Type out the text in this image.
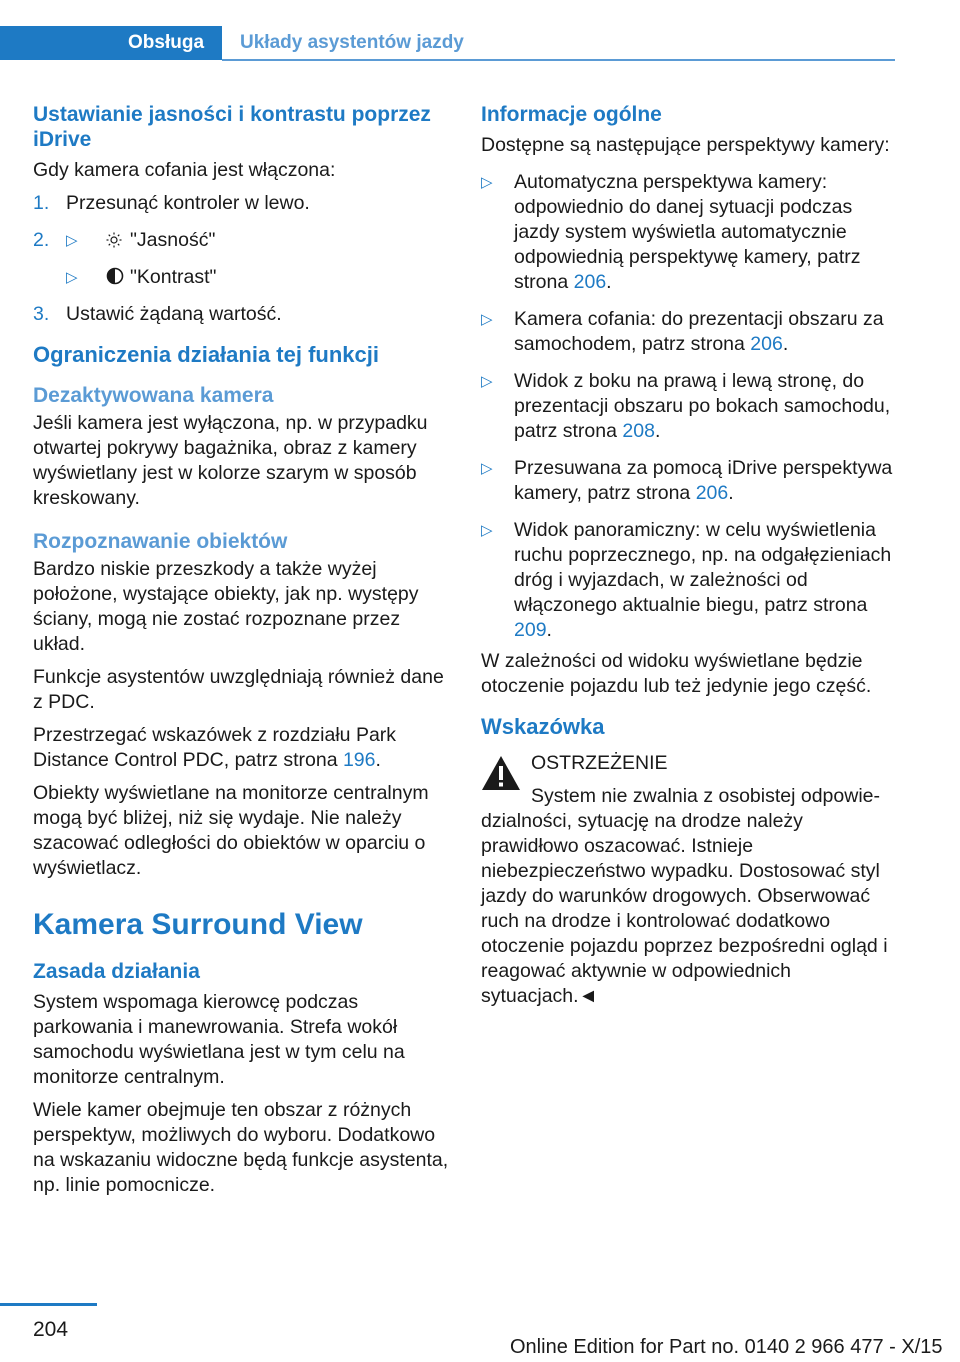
Obsługa	Układy asystentów jazdy
Ustawianie jasności i kontrastu poprzez iDrive

Gdy kamera cofania jest włączona:

1. Przesunąć kontroler w lewo.
2. ▷	"Jasność"
▷	"Kontrast"
3. Ustawić żądaną wartość.
Ograniczenia działania tej funkcji
Dezaktywowana kamera

Jeśli kamera jest wyłączona, np. w przypadku otwartej pokrywy bagażnika, obraz z kamery wyświetlany jest w kolorze szarym w sposób kreskowany.

Rozpoznawanie obiektów

Bardzo niskie przeszkody a także wyżej położone, wystające obiekty, jak np. występy ściany, mogą nie zostać rozpoznane przez układ.

Funkcje asystentów uwzględniają również dane z PDC.

Przestrzegać wskazówek z rozdziału Park Distance Control PDC, patrz strona 196.

Obiekty wyświetlane na monitorze centralnym mogą być bliżej, niż się wydaje. Nie należy szacować odległości do obiektów w oparciu o wyświetlacz.

Kamera Surround View
Zasada działania

System wspomaga kierowcę podczas parkowania i manewrowania. Strefa wokół samochodu wyświetlana jest w tym celu na monitorze centralnym.

Wiele kamer obejmuje ten obszar z różnych perspektyw, możliwych do wyboru. Dodatkowo na wskazaniu widoczne będą funkcje asystenta, np. linie pomocnicze.

Informacje ogólne

Dostępne są następujące perspektywy kamery:

▷ Automatyczna perspektywa kamery: odpowiednio do danej sytuacji podczas jazdy system wyświetla automatycznie odpowiednią perspektywę kamery, patrz strona 206.
▷ Kamera cofania: do prezentacji obszaru za samochodem, patrz strona 206.
▷ Widok z boku na prawą i lewą stronę, do prezentacji obszaru po bokach samochodu, patrz strona 208.
▷ Przesuwana za pomocą iDrive perspektywa kamery, patrz strona 206.
▷ Widok panoramiczny: w celu wyświetlenia ruchu poprzecznego, np. na odgałęzieniach dróg i wyjazdach, w zależności od włączonego aktualnie biegu, patrz strona 209.

W zależności od widoku wyświetlane będzie otoczenie pojazdu lub też jedynie jego część.

Wskazówka
OSTRZEŻENIE
System nie zwalnia z osobistej odpowie-
dzialności, sytuację na drodze należy prawidłowo oszacować. Istnieje niebezpieczeństwo wypadku. Dostosować styl jazdy do warunków drogowych. Obserwować ruch na drodze i kontrolować dodatkowo otoczenie pojazdu poprzez bezpośredni ogląd i reagować aktywnie w odpowiednich sytuacjach.◄
204
Online Edition for Part no. 0140 2 966 477 - X/15
